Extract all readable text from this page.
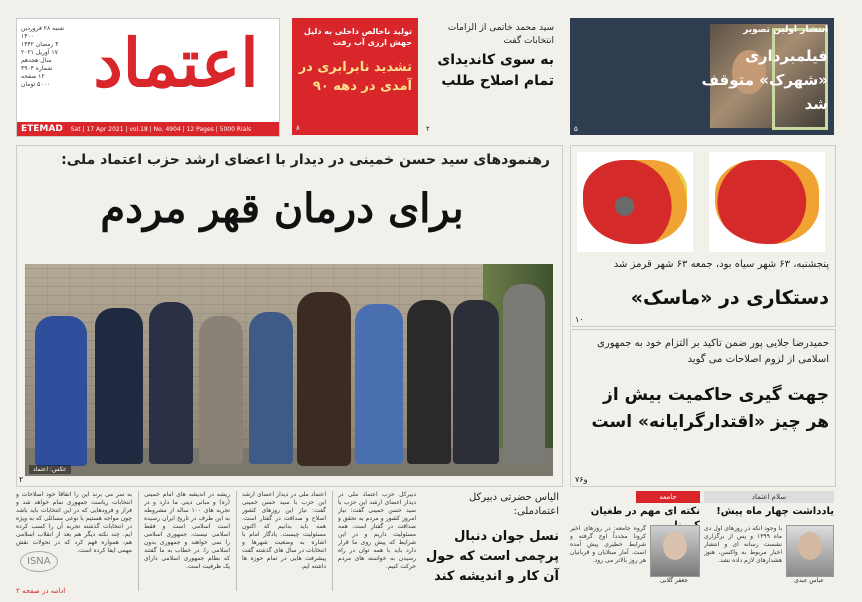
شنبه ۲۸ فروردین ۱۴۰۰
۴ رمضان ۱۴۴۲
۱۷ آوریل ۲۰۲۱
سال هجدهم
شماره ۴۹۰۴
۱۲ صفحه
۵۰۰۰ تومان اعتماد
ETEMAD Sat | 17 Apr 2021 | vol.18 | No. 4904 | 12 Pages | 5000 Rials
تولید ناخالص داخلی به دلیل جهش ارزی آب رفت
تشدید نابرابری در آمدی در دهه ۹۰
۸
سید محمد خاتمی از الزامات انتخابات گفت
به سوی کاندیدای تمام اصلاح طلب
۲
انتشار اولین تصویر
فیلمبرداری «شهرک» متوقف شد
۵
رهنمودهای سید حسن خمینی در دیدار با اعضای ارشد حزب اعتماد ملی:
برای درمان قهر مردم
عکس: اعتماد
۲
پنجشنبه، ۶۳ شهر سیاه بود، جمعه ۶۳ شهر قرمز شد
دستکاری در «ماسک»
۱۰
حمیدرضا جلایی پور ضمن تاکید بر التزام خود به جمهوری اسلامی از لزوم اصلاحات می گوید
جهت گیری حاکمیت بیش از هر چیز «اقتدارگرایانه» است
۷و۶
به سر می برند این را اتفاقاً خود اصلاحات و انتخابات ریاست جمهوری نمام خواهد شد و فراز و فرودهایی که در این انتخابات باید باشد چون مواجه هستیم با نوعی مسائلی که به ویژه در انتخابات گذشته تجربه آن را کسب کرده ایم. چند نکته دیگر هم بعد از انقلاب اسلامی هم، همواره فهم کرد که در تحولات نقش مهمی ایفا کرده است.
ریشه در اندیشه های امام خمینی (ره) و مبانی دینی ما دارد و در تجربه های ۱۰۰ ساله از مشروطه به این طرف در تاریخ ایران رسیده است اسلامی است و فقط اسلامی نیست، جمهوری اسلامی را نمی خواهند و جمهوری بدون اسلامی را. در خطاب به ما گفتند که نظام جمهوری اسلامی دارای یک ظرفیت است.
اعتماد ملی در دیدار اعضای ارشد این حزب با سید حسن خمینی گفت: نیاز این روزهای کشور اصلاح و صداقت در گفتار است. همه باید بدانیم که اکنون مسئولیت چیست. یادگار امام با اشاره به وضعیت شهرها و انتخابات در سال های گذشته گفت پیشرفت هایی در تمام حوزه ها داشته ایم.
دبیرکل حزب اعتماد ملی در دیدار اعضای ارشد این حزب با سید حسن خمینی گفت: نیاز امروز کشور و مردم به تحقق و صداقت در گفتار است. همه مسئولیت داریم و در این شرایط که پیش روی ما قرار دارد باید با همه توان در راه رسیدن به خواسته های مردم حرکت کنیم.
ISNA
ادامه در صفحه ۲
الیاس حضرتی دبیرکل اعتمادملی:
نسل جوان دنبال پرچمی است که حول آن کار و اندیشه کند
جامعه
نکته ای مهم در طغیان
گروه جامعه: در روزهای اخیر کرونا مجدداً اوج گرفته و شرایط خطیری پیش آمده است. آمار مبتلایان و قربانیان هر روز بالاتر می رود.
جعفر گلابی
سلام اعتماد
یادداشت چهار ماه پیش!
با وجود آنکه در روزهای اول دی ماه ۱۳۹۹ و پس از برگزاری نشست رسانه ای و انتشار اخبار مربوط به واکسن، هنوز هشدارهای لازم داده نشد.
عباس عبدی
